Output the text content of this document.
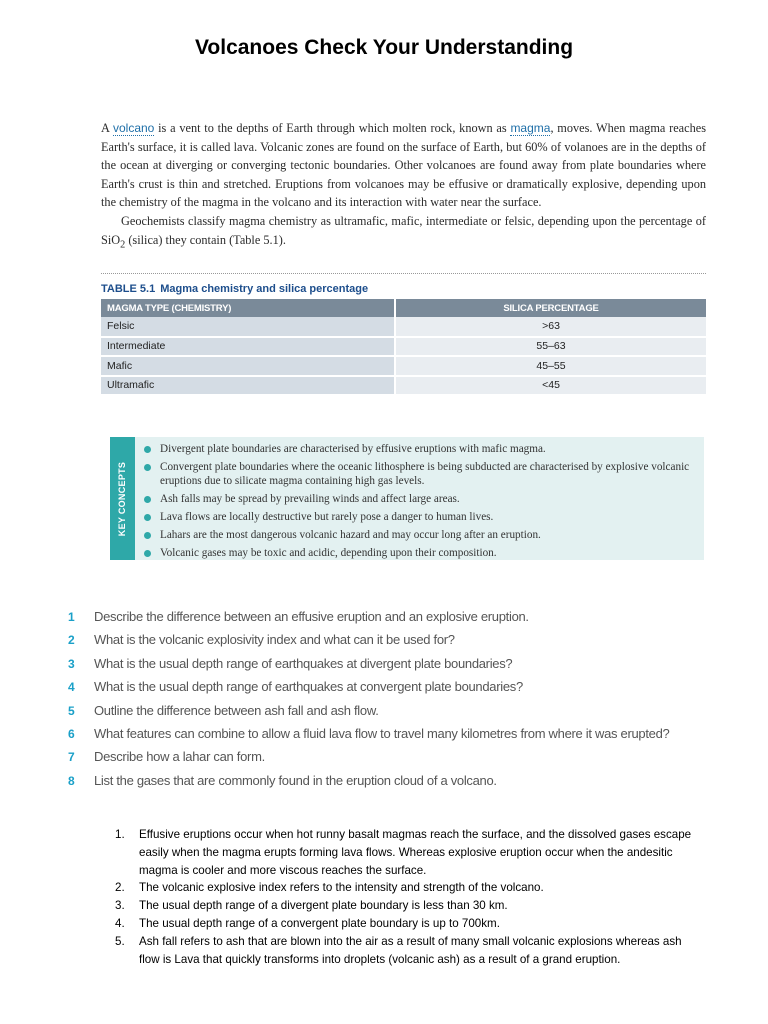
Volcanoes Check Your Understanding

A volcano is a vent to the depths of Earth through which molten rock, known as magma, moves. When magma reaches Earth's surface, it is called lava. Volcanic zones are found on the surface of Earth, but 60% of volanoes are in the depths of the ocean at diverging or converging tectonic boundaries. Other volcanoes are found away from plate boundaries where Earth's crust is thin and stretched. Eruptions from volcanoes may be effusive or dramatically explosive, depending upon the chemistry of the magma in the volcano and its interaction with water near the surface.

Geochemists classify magma chemistry as ultramafic, mafic, intermediate or felsic, depending upon the percentage of SiO$_2$ (silica) they contain (Table 5.1).

TABLE 5.1 Magma chemistry and silica percentage
MAGMA TYPE (CHEMISTRY)	SILICA PERCENTAGE
Felsic	>63
Intermediate	55–63
Mafic	45–55
Ultramafic	<45
KEY CONCEPTS
Divergent plate boundaries are characterised by effusive eruptions with mafic magma.
Convergent plate boundaries where the oceanic lithosphere is being subducted are characterised by explosive volcanic eruptions due to silicate magma containing high gas levels.
Ash falls may be spread by prevailing winds and affect large areas.
Lava flows are locally destructive but rarely pose a danger to human lives.
Lahars are the most dangerous volcanic hazard and may occur long after an eruption.
Volcanic gases may be toxic and acidic, depending upon their composition.
1 Describe the difference between an effusive eruption and an explosive eruption.
2 What is the volcanic explosivity index and what can it be used for?
3 What is the usual depth range of earthquakes at divergent plate boundaries?
4 What is the usual depth range of earthquakes at convergent plate boundaries?
5 Outline the difference between ash fall and ash flow.
6 What features can combine to allow a fluid lava flow to travel many kilometres from where it was erupted?
7 Describe how a lahar can form.
8 List the gases that are commonly found in the eruption cloud of a volcano.
1. Effusive eruptions occur when hot runny basalt magmas reach the surface, and the dissolved gases escape easily when the magma erupts forming lava flows. Whereas explosive eruption occur when the andesitic magma is cooler and more viscous reaches the surface.
2. The volcanic explosive index refers to the intensity and strength of the volcano.
3. The usual depth range of a divergent plate boundary is less than 30 km.
4. The usual depth range of a convergent plate boundary is up to 700km.
5. Ash fall refers to ash that are blown into the air as a result of many small volcanic explosions whereas ash flow is Lava that quickly transforms into droplets (volcanic ash) as a result of a grand eruption.
